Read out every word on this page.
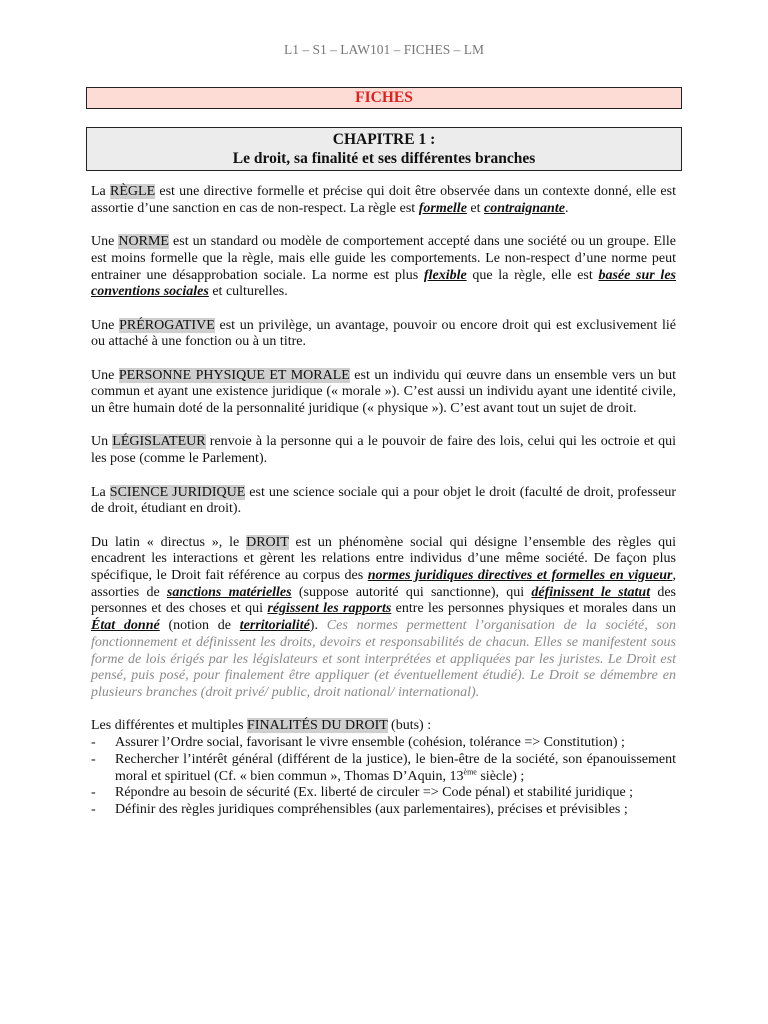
L1 – S1 – LAW101 – FICHES – LM
FICHES
CHAPITRE 1 :
Le droit, sa finalité et ses différentes branches

La RÈGLE est une directive formelle et précise qui doit être observée dans un contexte donné, elle est assortie d’une sanction en cas de non-respect. La règle est formelle et contraignante.

Une NORME est un standard ou modèle de comportement accepté dans une société ou un groupe. Elle est moins formelle que la règle, mais elle guide les comportements. Le non-respect d’une norme peut entrainer une désapprobation sociale. La norme est plus flexible que la règle, elle est basée sur les conventions sociales et culturelles.

Une PRÉROGATIVE est un privilège, un avantage, pouvoir ou encore droit qui est exclusivement lié ou attaché à une fonction ou à un titre.

Une PERSONNE PHYSIQUE ET MORALE est un individu qui œuvre dans un ensemble vers un but commun et ayant une existence juridique (« morale »). C’est aussi un individu ayant une identité civile, un être humain doté de la personnalité juridique (« physique »). C’est avant tout un sujet de droit.

Un LÉGISLATEUR renvoie à la personne qui a le pouvoir de faire des lois, celui qui les octroie et qui les pose (comme le Parlement).

La SCIENCE JURIDIQUE est une science sociale qui a pour objet le droit (faculté de droit, professeur de droit, étudiant en droit).

Du latin « directus », le DROIT est un phénomène social qui désigne l’ensemble des règles qui encadrent les interactions et gèrent les relations entre individus d’une même société. De façon plus spécifique, le Droit fait référence au corpus des normes juridiques directives et formelles en vigueur, assorties de sanctions matérielles (suppose autorité qui sanctionne), qui définissent le statut des personnes et des choses et qui régissent les rapports entre les personnes physiques et morales dans un État donné (notion de territorialité). Ces normes permettent l’organisation de la société, son fonctionnement et définissent les droits, devoirs et responsabilités de chacun. Elles se manifestent sous forme de lois érigés par les législateurs et sont interprétées et appliquées par les juristes. Le Droit est pensé, puis posé, pour finalement être appliquer (et éventuellement étudié). Le Droit se démembre en plusieurs branches (droit privé/ public, droit national/ international).

Les différentes et multiples FINALITÉS DU DROIT (buts) :
- Assurer l’Ordre social, favorisant le vivre ensemble (cohésion, tolérance => Constitution) ;
- Rechercher l’intérêt général (différent de la justice), le bien-être de la société, son épanouissement moral et spirituel (Cf. « bien commun », Thomas D’Aquin, 13ème siècle) ;
- Répondre au besoin de sécurité (Ex. liberté de circuler => Code pénal) et stabilité juridique ;
- Définir des règles juridiques compréhensibles (aux parlementaires), précises et prévisibles ;
